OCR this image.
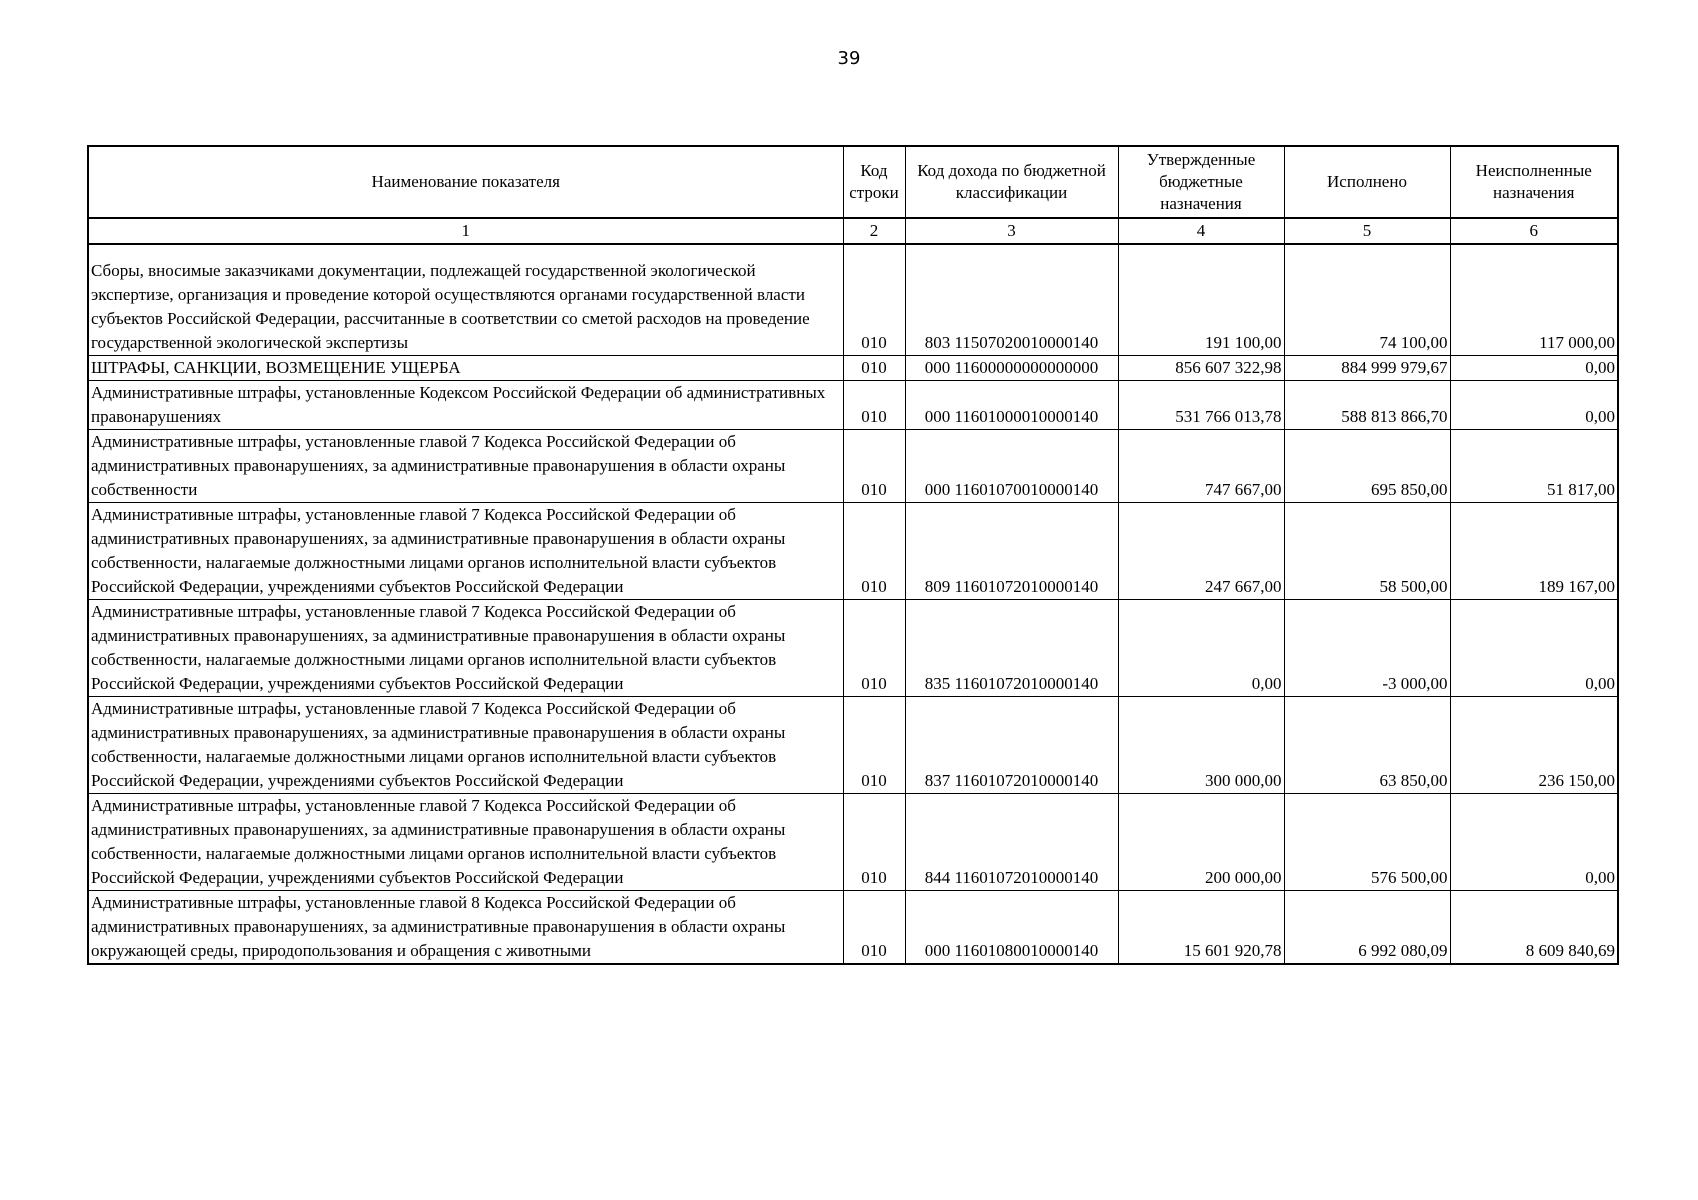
39
Наименование показателя	Код строки	Код дохода по бюджетной классификации	Утвержденные бюджетные назначения	Исполнено	Неисполненные назначения
1	2	3	4	5	6
Сборы, вносимые заказчиками документации, подлежащей государственной экологической экспертизе, организация и проведение которой осуществляются органами государственной власти субъектов Российской Федерации, рассчитанные в соответствии со сметой расходов на проведение государственной экологической экспертизы	010	803 11507020010000140	191 100,00	74 100,00	117 000,00
ШТРАФЫ, САНКЦИИ, ВОЗМЕЩЕНИЕ УЩЕРБА	010	000 11600000000000000	856 607 322,98	884 999 979,67	0,00
Административные штрафы, установленные Кодексом Российской Федерации об административных правонарушениях	010	000 11601000010000140	531 766 013,78	588 813 866,70	0,00
Административные штрафы, установленные главой 7 Кодекса Российской Федерации об административных правонарушениях, за административные правонарушения в области охраны собственности	010	000 11601070010000140	747 667,00	695 850,00	51 817,00
Административные штрафы, установленные главой 7 Кодекса Российской Федерации об административных правонарушениях, за административные правонарушения в области охраны собственности, налагаемые должностными лицами органов исполнительной власти субъектов Российской Федерации, учреждениями субъектов Российской Федерации	010	809 11601072010000140	247 667,00	58 500,00	189 167,00
Административные штрафы, установленные главой 7 Кодекса Российской Федерации об административных правонарушениях, за административные правонарушения в области охраны собственности, налагаемые должностными лицами органов исполнительной власти субъектов Российской Федерации, учреждениями субъектов Российской Федерации	010	835 11601072010000140	0,00	-3 000,00	0,00
Административные штрафы, установленные главой 7 Кодекса Российской Федерации об административных правонарушениях, за административные правонарушения в области охраны собственности, налагаемые должностными лицами органов исполнительной власти субъектов Российской Федерации, учреждениями субъектов Российской Федерации	010	837 11601072010000140	300 000,00	63 850,00	236 150,00
Административные штрафы, установленные главой 7 Кодекса Российской Федерации об административных правонарушениях, за административные правонарушения в области охраны собственности, налагаемые должностными лицами органов исполнительной власти субъектов Российской Федерации, учреждениями субъектов Российской Федерации	010	844 11601072010000140	200 000,00	576 500,00	0,00
Административные штрафы, установленные главой 8 Кодекса Российской Федерации об административных правонарушениях, за административные правонарушения в области охраны окружающей среды, природопользования и обращения с животными	010	000 11601080010000140	15 601 920,78	6 992 080,09	8 609 840,69
